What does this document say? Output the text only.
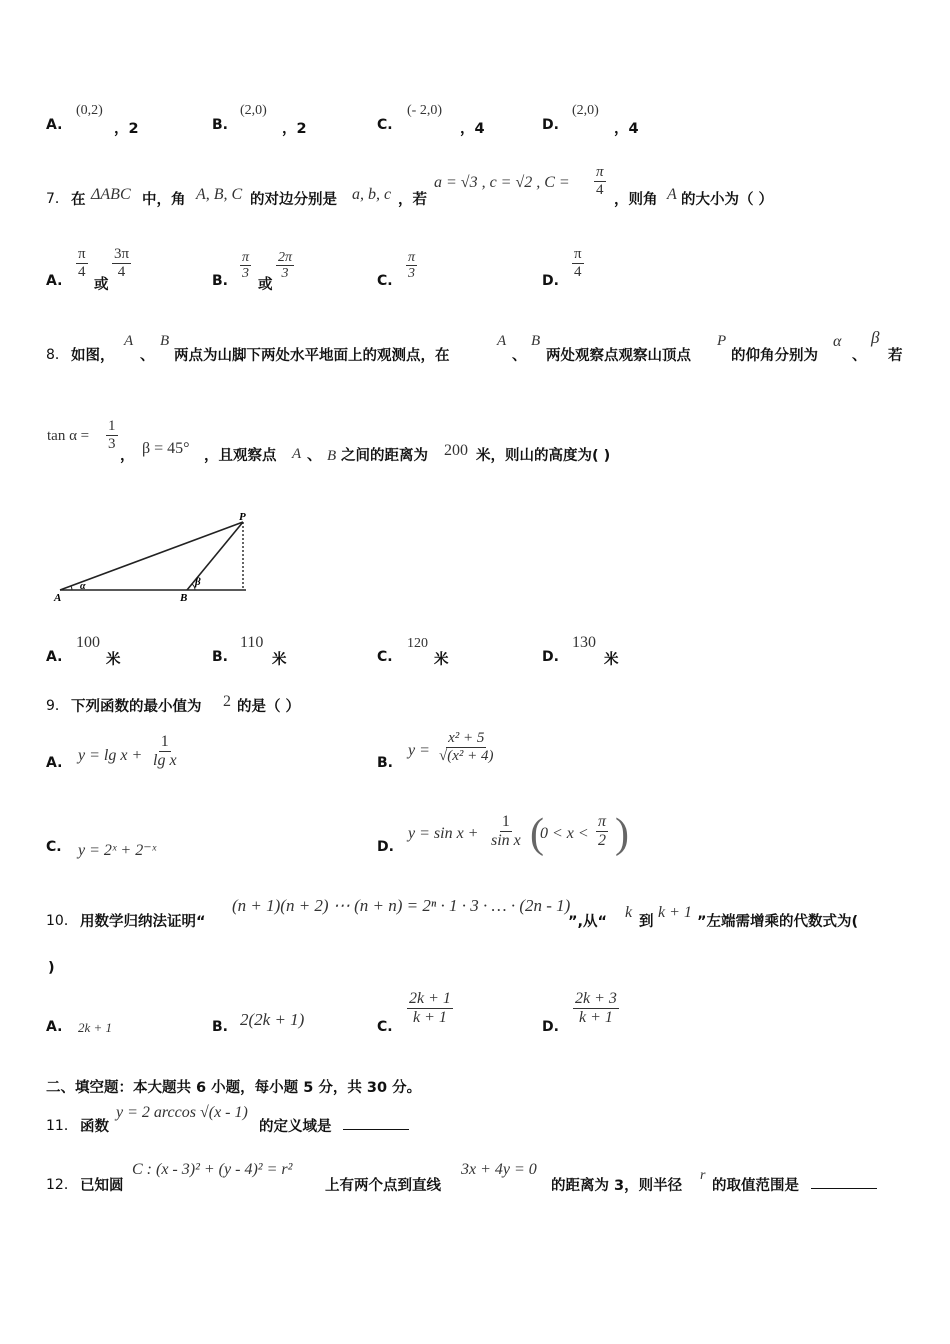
A.
(0,2)
，2	B.
(2,0)
，2	C.
(- 2,0)
，4	D.
(2,0)
，4
7． 在 ΔABC 中，角 A, B, C 的对边分别是 a, b, c ，若
a = √3 , c = √2 , $C = \frac{\pi}{4}$
，则角 A 的大小为（ ）
A.
$\frac{\pi}{4}$
或
$\frac{3\pi}{4}$
B. $\frac{\pi}{3}$
或
$\frac{2\pi}{3}$	C. $\frac{\pi}{3}$	D.
$\frac{\pi}{4}$
8． 如图，
A
、
B
两点为山脚下两处水平地面上的观测点，在
A
、
B
两处观察点观察山顶点
P
的仰角分别为
α
、
β
若
$\tan \alpha = \frac{1}{3}$
， β = 45° ，且观察点 A 、 B 之间的距离为 200 米，则山的高度为( )
A	B
P
α	β
A.
100
米	B.
110
米	C.
120
米	D.
130
米
9． 下列函数的最小值为 2 的是（ ）
A. $y = \lg x + \frac{1}{\text{lg x}}$	B.
$y = \frac{\text{x² + 5}}{\text{√(x² + 4)}}$
C. y = 2ˣ + 2⁻ˣ	D.
$y = \sin x + \frac{1}{\text{sin x}}$ (
$0 < x < \frac{\pi}{2}$ )
10． 用数学归纳法证明“
(n + 1)(n + 2) ⋯ (n + n) = 2ⁿ · 1 · 3 · … · (2n - 1)
”,从“
k
到
k + 1
”左端需增乘的代数式为(
)
A. 2k + 1	B. 2(2k + 1)	C.
$\frac{2k + 1}{k + 1}$
D.
$\frac{2k + 3}{k + 1}$
二、填空题：本大题共 6 小题，每小题 5 分，共 30 分。
11． 函数
y = 2 arccos √(x - 1)
的定义域是
12． 已知圆
C : (x - 3)² + (y - 4)² = r²
上有两个点到直线
3x + 4y = 0
的距离为 3，则半径
r
的取值范围是
